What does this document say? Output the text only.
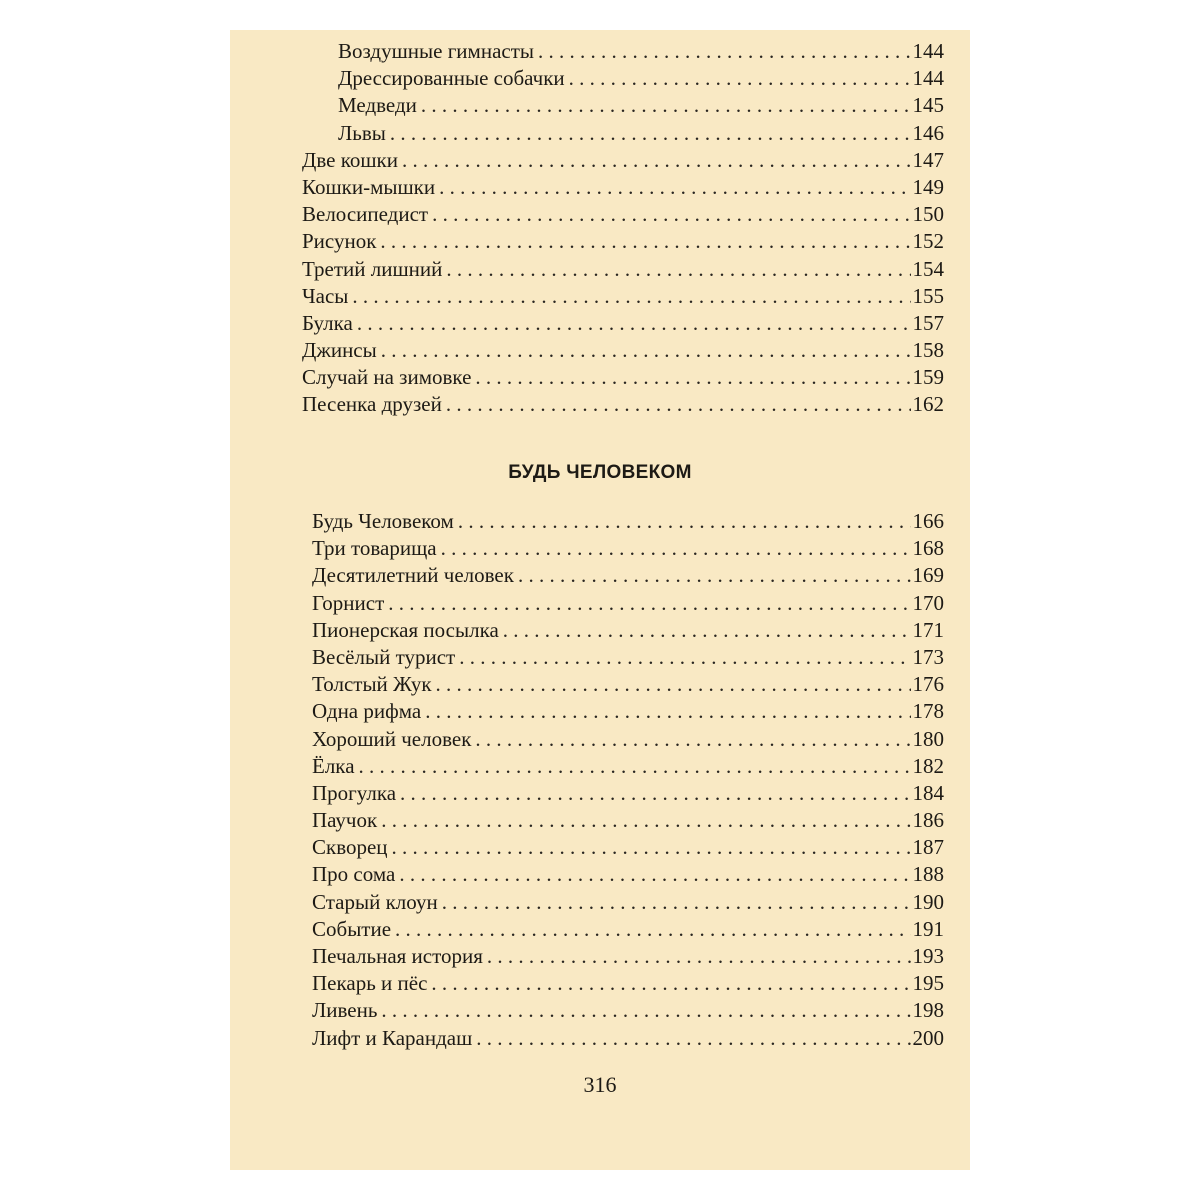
Воздушные гимнасты . . .	144
Дрессированные собачки . . .	144
Медведи . . .	145
Львы . . .	146
Две кошки . . .	147
Кошки-мышки . . .	149
Велосипедист . . .	150
Рисунок . . .	152
Третий лишний . . .	154
Часы . . .	155
Булка . . .	157
Джинсы . . .	158
Случай на зимовке . . .	159
Песенка друзей . . .	162
БУДЬ ЧЕЛОВЕКОМ
Будь Человеком . . .	166
Три товарища . . .	168
Десятилетний человек . . .	169
Горнист . . .	170
Пионерская посылка . . .	171
Весёлый турист . . .	173
Толстый Жук . . .	176
Одна рифма . . .	178
Хороший человек . . .	180
Ёлка . . .	182
Прогулка . . .	184
Паучок . . .	186
Скворец . . .	187
Про сома . . .	188
Старый клоун . . .	190
Событие . . .	191
Печальная история . . .	193
Пекарь и пёс . . .	195
Ливень . . .	198
Лифт и Карандаш . . .	200
316
